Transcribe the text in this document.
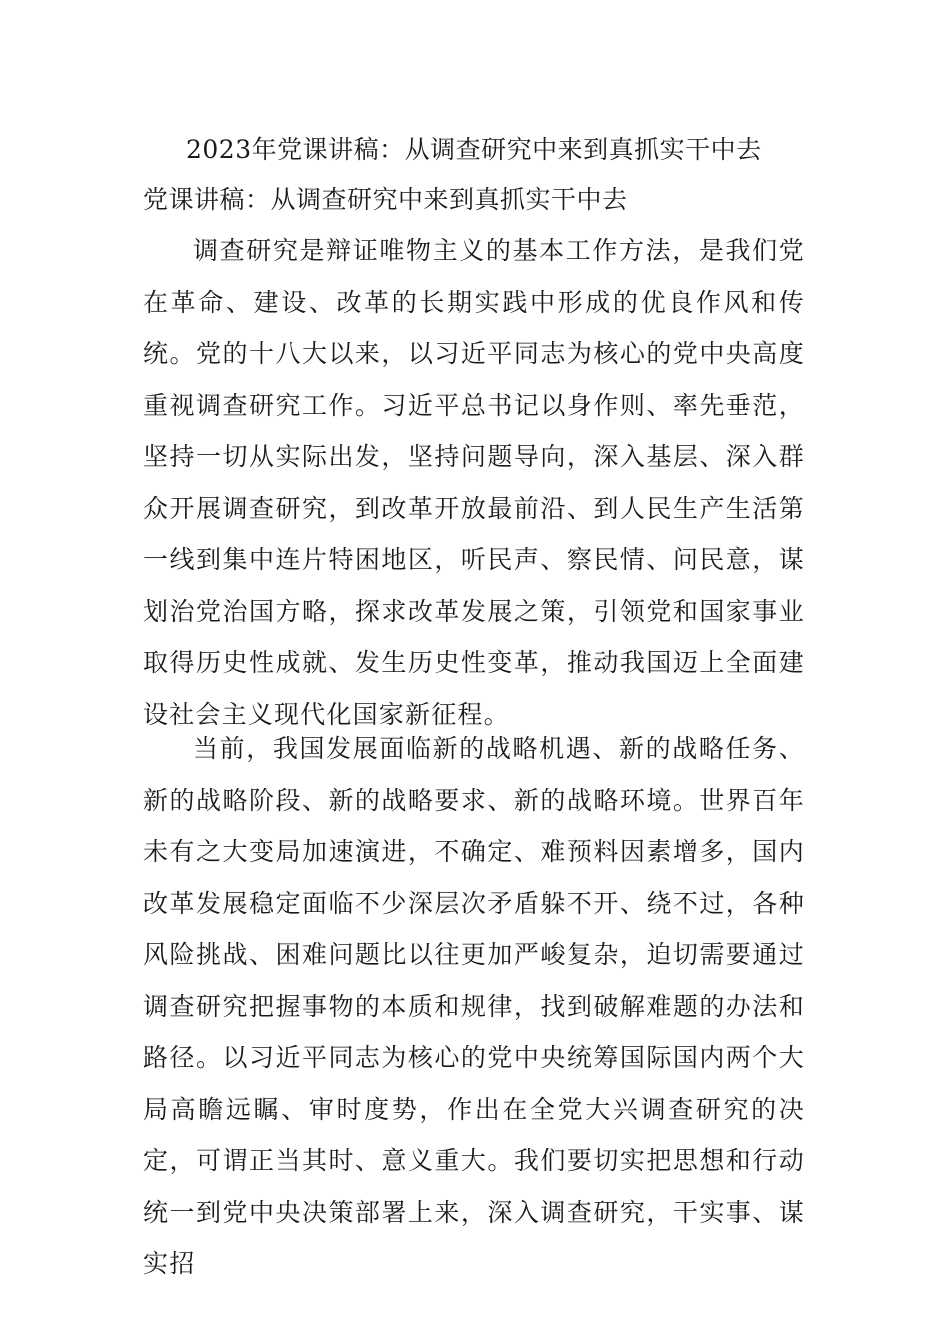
2023年党课讲稿：从调查研究中来到真抓实干中去
党课讲稿：从调查研究中来到真抓实干中去

调查研究是辩证唯物主义的基本工作方法，是我们党在革命、建设、改革的长期实践中形成的优良作风和传统。党的十八大以来，以习近平同志为核心的党中央高度重视调查研究工作。习近平总书记以身作则、率先垂范，坚持一切从实际出发，坚持问题导向，深入基层、深入群众开展调查研究，到改革开放最前沿、到人民生产生活第一线到集中连片特困地区，听民声、察民情、问民意，谋划治党治国方略，探求改革发展之策，引领党和国家事业取得历史性成就、发生历史性变革，推动我国迈上全面建设社会主义现代化国家新征程。

当前，我国发展面临新的战略机遇、新的战略任务、新的战略阶段、新的战略要求、新的战略环境。世界百年未有之大变局加速演进，不确定、难预料因素增多，国内改革发展稳定面临不少深层次矛盾躲不开、绕不过，各种风险挑战、困难问题比以往更加严峻复杂，迫切需要通过调查研究把握事物的本质和规律，找到破解难题的办法和路径。以习近平同志为核心的党中央统筹国际国内两个大局高瞻远瞩、审时度势，作出在全党大兴调查研究的决定，可谓正当其时、意义重大。我们要切实把思想和行动统一到党中央决策部署上来，深入调查研究，干实事、谋实招
